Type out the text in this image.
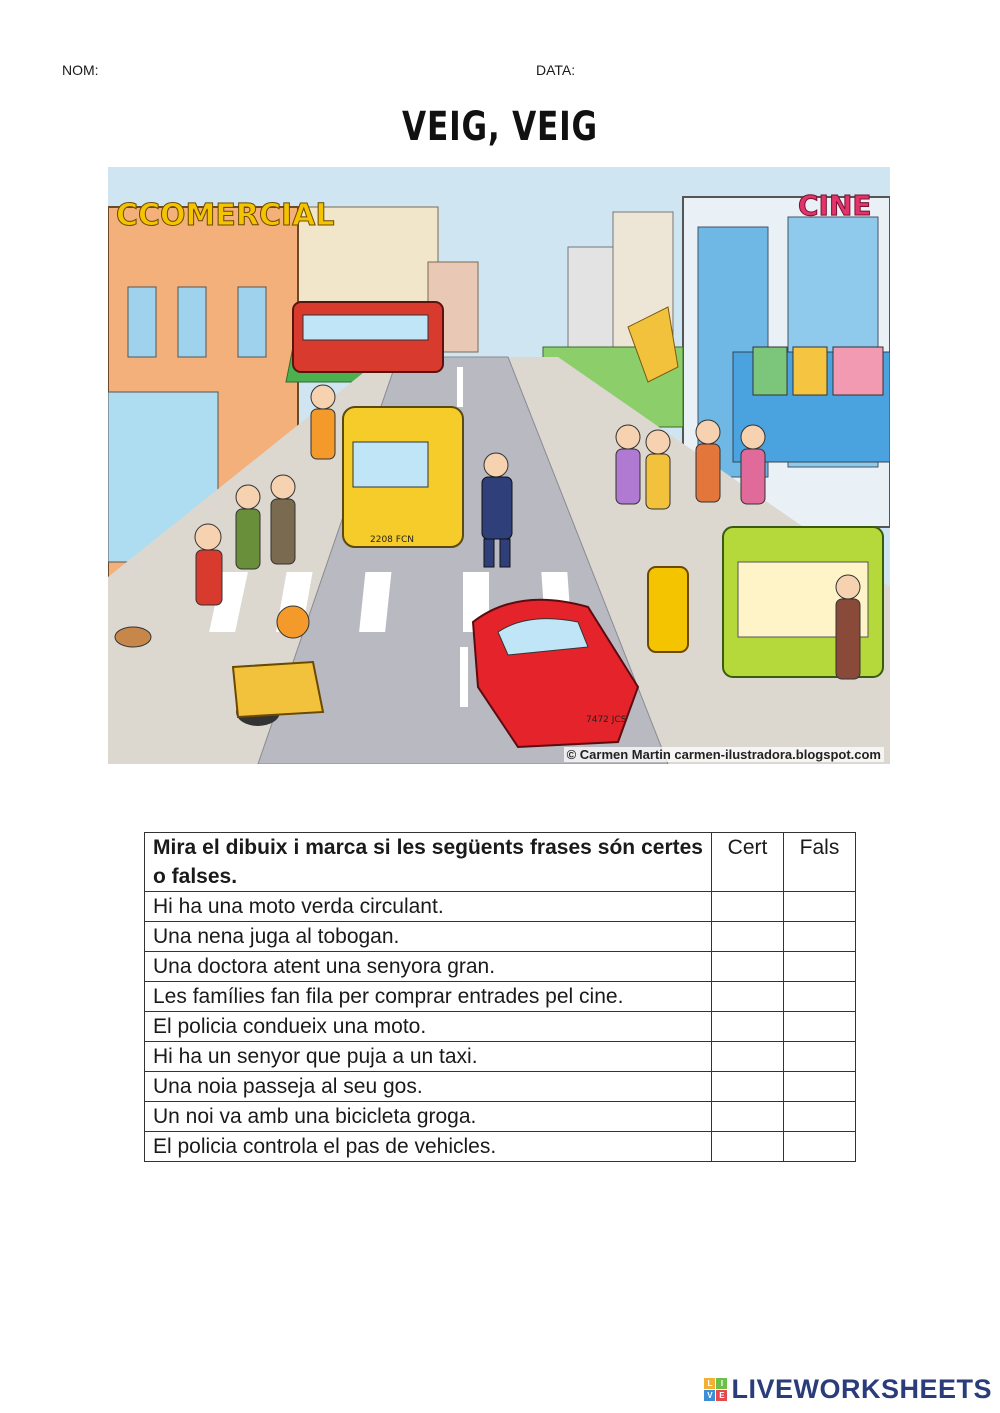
NOM:	DATA:
VEIG, VEIG
CCOMERCIAL	CINE
2208 FCN
7472 JCS
© Carmen Martin carmen-ilustradora.blogspot.com
Mira el dibuix i marca si les següents frases són certes o falses.	Cert	Fals
Hi ha una moto verda circulant.		
Una nena juga al tobogan.		
Una doctora atent una senyora gran.		
Les famílies fan fila per comprar entrades pel cine.		
El policia condueix una moto.		
Hi ha un senyor que puja a un taxi.		
Una noia passeja al seu gos.		
Un noi va amb una bicicleta groga.		
El policia controla el pas de vehicles.		
L	I
V E LIVEWORKSHEETS
